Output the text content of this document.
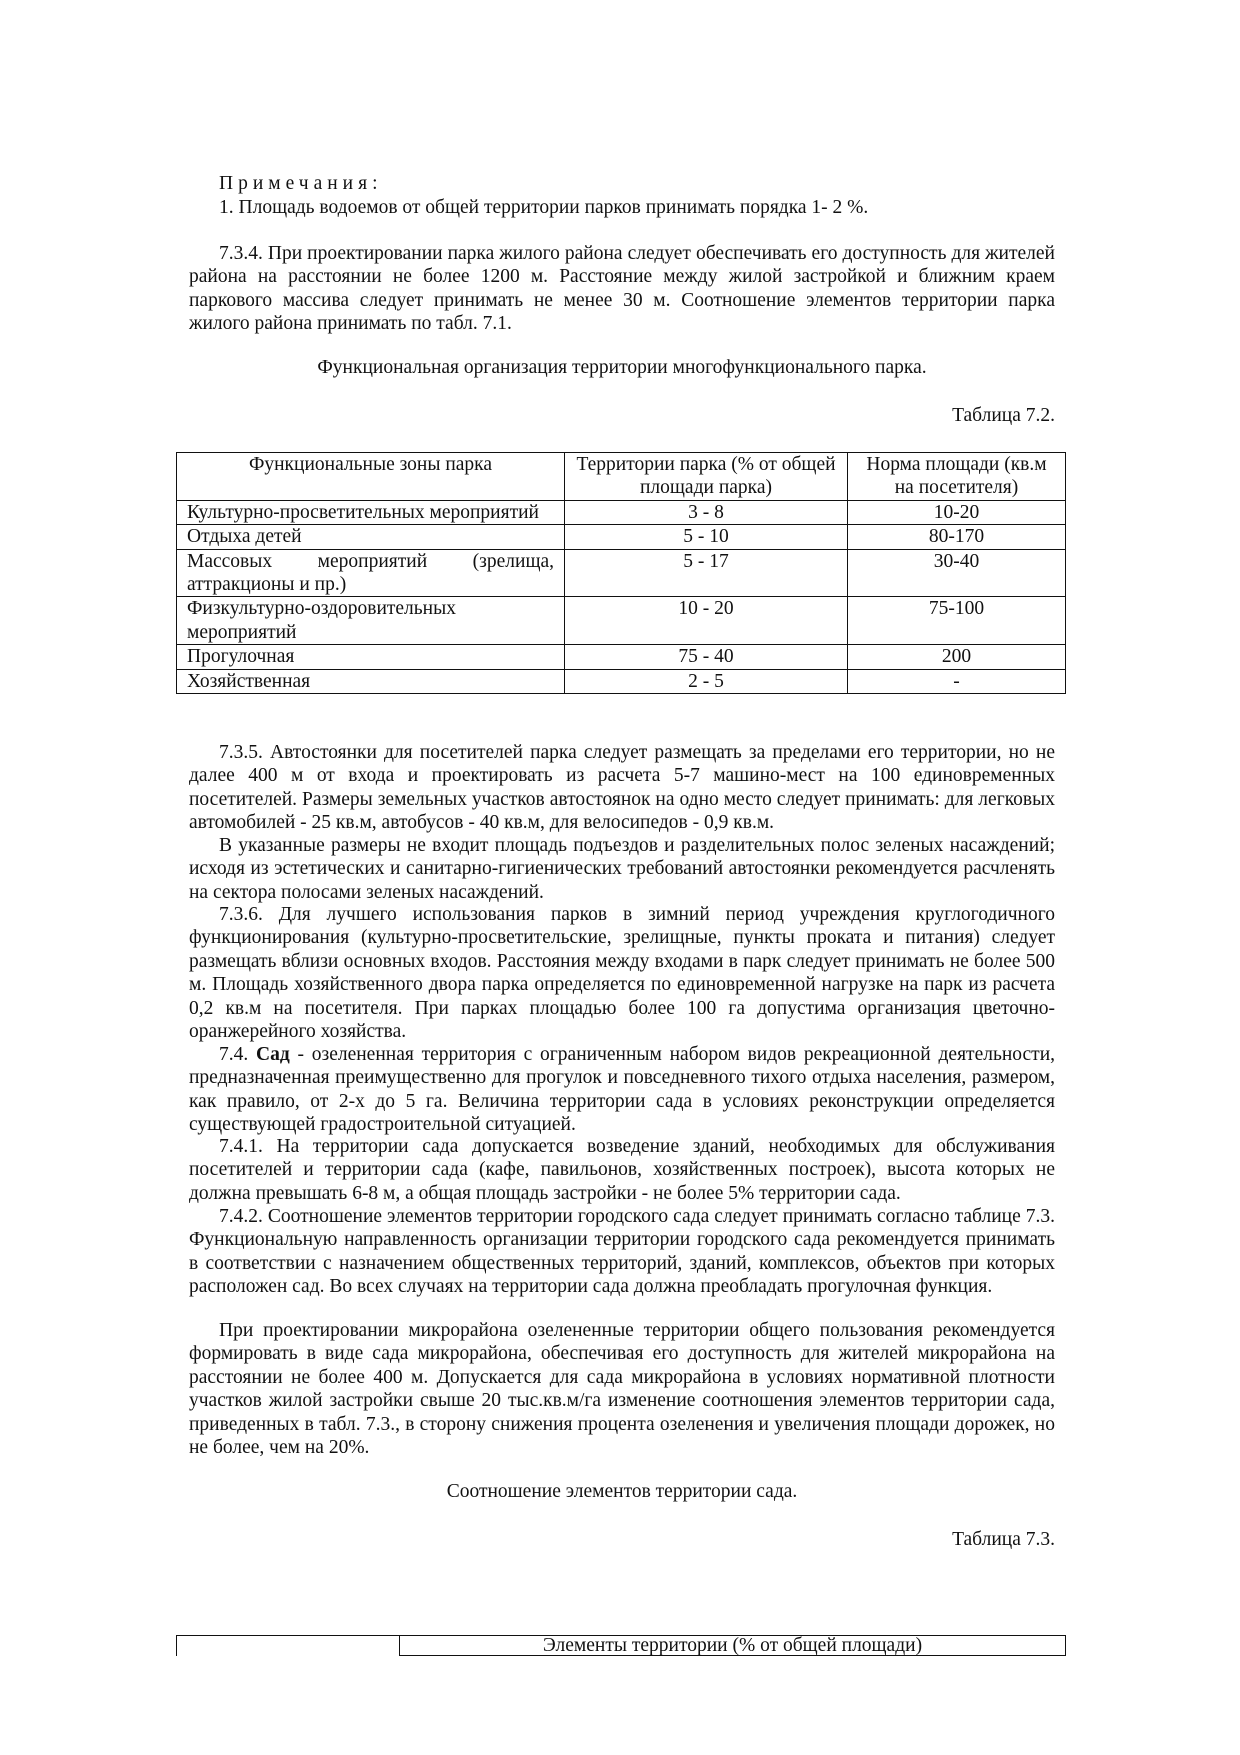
Примечания:

1. Площадь водоемов от общей территории парков принимать порядка 1- 2 %.

7.3.4. При проектировании парка жилого района следует обеспечивать его доступность для жителей района на расстоянии не более 1200 м. Расстояние между жилой застройкой и ближним краем паркового массива следует принимать не менее 30 м. Соотношение элементов территории парка жилого района принимать по табл. 7.1.

Функциональная организация территории многофункционального парка.

Таблица 7.2.

Функциональные зоны парка	Территории парка (% от общей площади парка)	Норма площади (кв.м на посетителя)
Культурно-просветительных мероприятий	3 - 8	10-20
Отдыха детей	5 - 10	80-170
Массовых мероприятий (зрелища, аттракционы и пр.)	5 - 17	30-40
Физкультурно-оздоровительных мероприятий	10 - 20	75-100
Прогулочная	75 - 40	200
Хозяйственная	2 - 5	-

7.3.5. Автостоянки для посетителей парка следует размещать за пределами его территории, но не далее 400 м от входа и проектировать из расчета 5-7 машино-мест на 100 единовременных посетителей. Размеры земельных участков автостоянок на одно место следует принимать: для легковых автомобилей - 25 кв.м, автобусов - 40 кв.м, для велосипедов - 0,9 кв.м.

В указанные размеры не входит площадь подъездов и разделительных полос зеленых насаждений; исходя из эстетических и санитарно-гигиенических требований автостоянки рекомендуется расчленять на сектора полосами зеленых насаждений.

7.3.6. Для лучшего использования парков в зимний период учреждения круглогодичного функционирования (культурно-просветительские, зрелищные, пункты проката и питания) следует размещать вблизи основных входов. Расстояния между входами в парк следует принимать не более 500 м. Площадь хозяйственного двора парка определяется по единовременной нагрузке на парк из расчета 0,2 кв.м на посетителя. При парках площадью более 100 га допустима организация цветочно-оранжерейного хозяйства.

7.4. Сад - озелененная территория с ограниченным набором видов рекреационной деятельности, предназначенная преимущественно для прогулок и повседневного тихого отдыха населения, размером, как правило, от 2-х до 5 га. Величина территории сада в условиях реконструкции определяется существующей градостроительной ситуацией.

7.4.1. На территории сада допускается возведение зданий, необходимых для обслуживания посетителей и территории сада (кафе, павильонов, хозяйственных построек), высота которых не должна превышать 6-8 м, а общая площадь застройки - не более 5% территории сада.

7.4.2. Соотношение элементов территории городского сада следует принимать согласно таблице 7.3. Функциональную направленность организации территории городского сада рекомендуется принимать в соответствии с назначением общественных территорий, зданий, комплексов, объектов при которых расположен сад. Во всех случаях на территории сада должна преобладать прогулочная функция.

При проектировании микрорайона озелененные территории общего пользования рекомендуется формировать в виде сада микрорайона, обеспечивая его доступность для жителей микрорайона на расстоянии не более 400 м. Допускается для сада микрорайона в условиях нормативной плотности участков жилой застройки свыше 20 тыс.кв.м/га изменение соотношения элементов территории сада, приведенных в табл. 7.3., в сторону снижения процента озеленения и увеличения площади дорожек, но не более, чем на 20%.

Соотношение элементов территории сада.

Таблица 7.3.

Элементы территории (% от общей площади)
